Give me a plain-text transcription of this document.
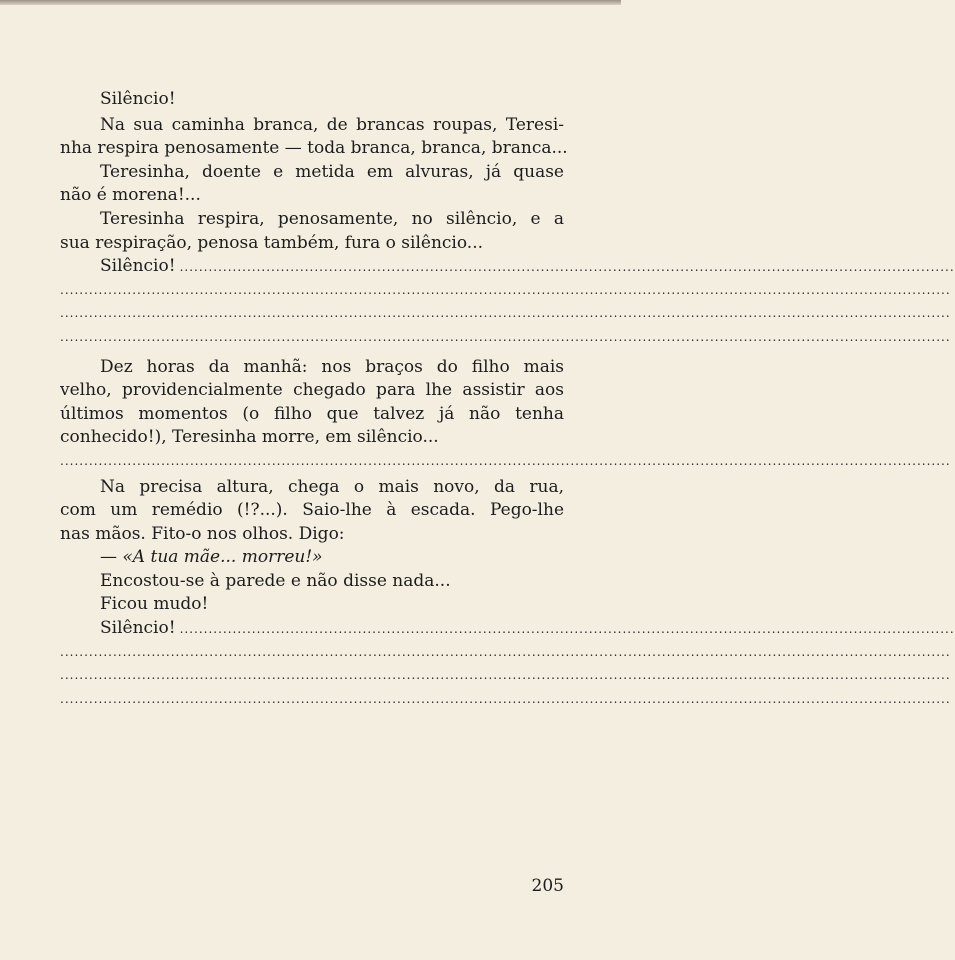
Silêncio!
Na sua caminha branca, de brancas roupas, Teresi-
nha respira penosamente — toda branca, branca, branca...
Teresinha, doente e metida em alvuras, já quase
não é morena!...
Teresinha respira, penosamente, no silêncio, e a
sua respiração, penosa também, fura o silêncio...
Silêncio! .................................................................................................................................................................
.........................................................................................................................................................................................
.........................................................................................................................................................................................
.........................................................................................................................................................................................
Dez horas da manhã: nos braços do filho mais
velho, providencialmente chegado para lhe assistir aos
últimos momentos (o filho que talvez já não tenha
conhecido!), Teresinha morre, em silêncio...
.........................................................................................................................................................................................
Na precisa altura, chega o mais novo, da rua,
com um remédio (!?...). Saio-lhe à escada. Pego-lhe
nas mãos. Fito-o nos olhos. Digo:
— «A tua mãe... morreu!»
Encostou-se à parede e não disse nada...
Ficou mudo!
Silêncio! .................................................................................................................................................................
.........................................................................................................................................................................................
.........................................................................................................................................................................................
.........................................................................................................................................................................................
205
